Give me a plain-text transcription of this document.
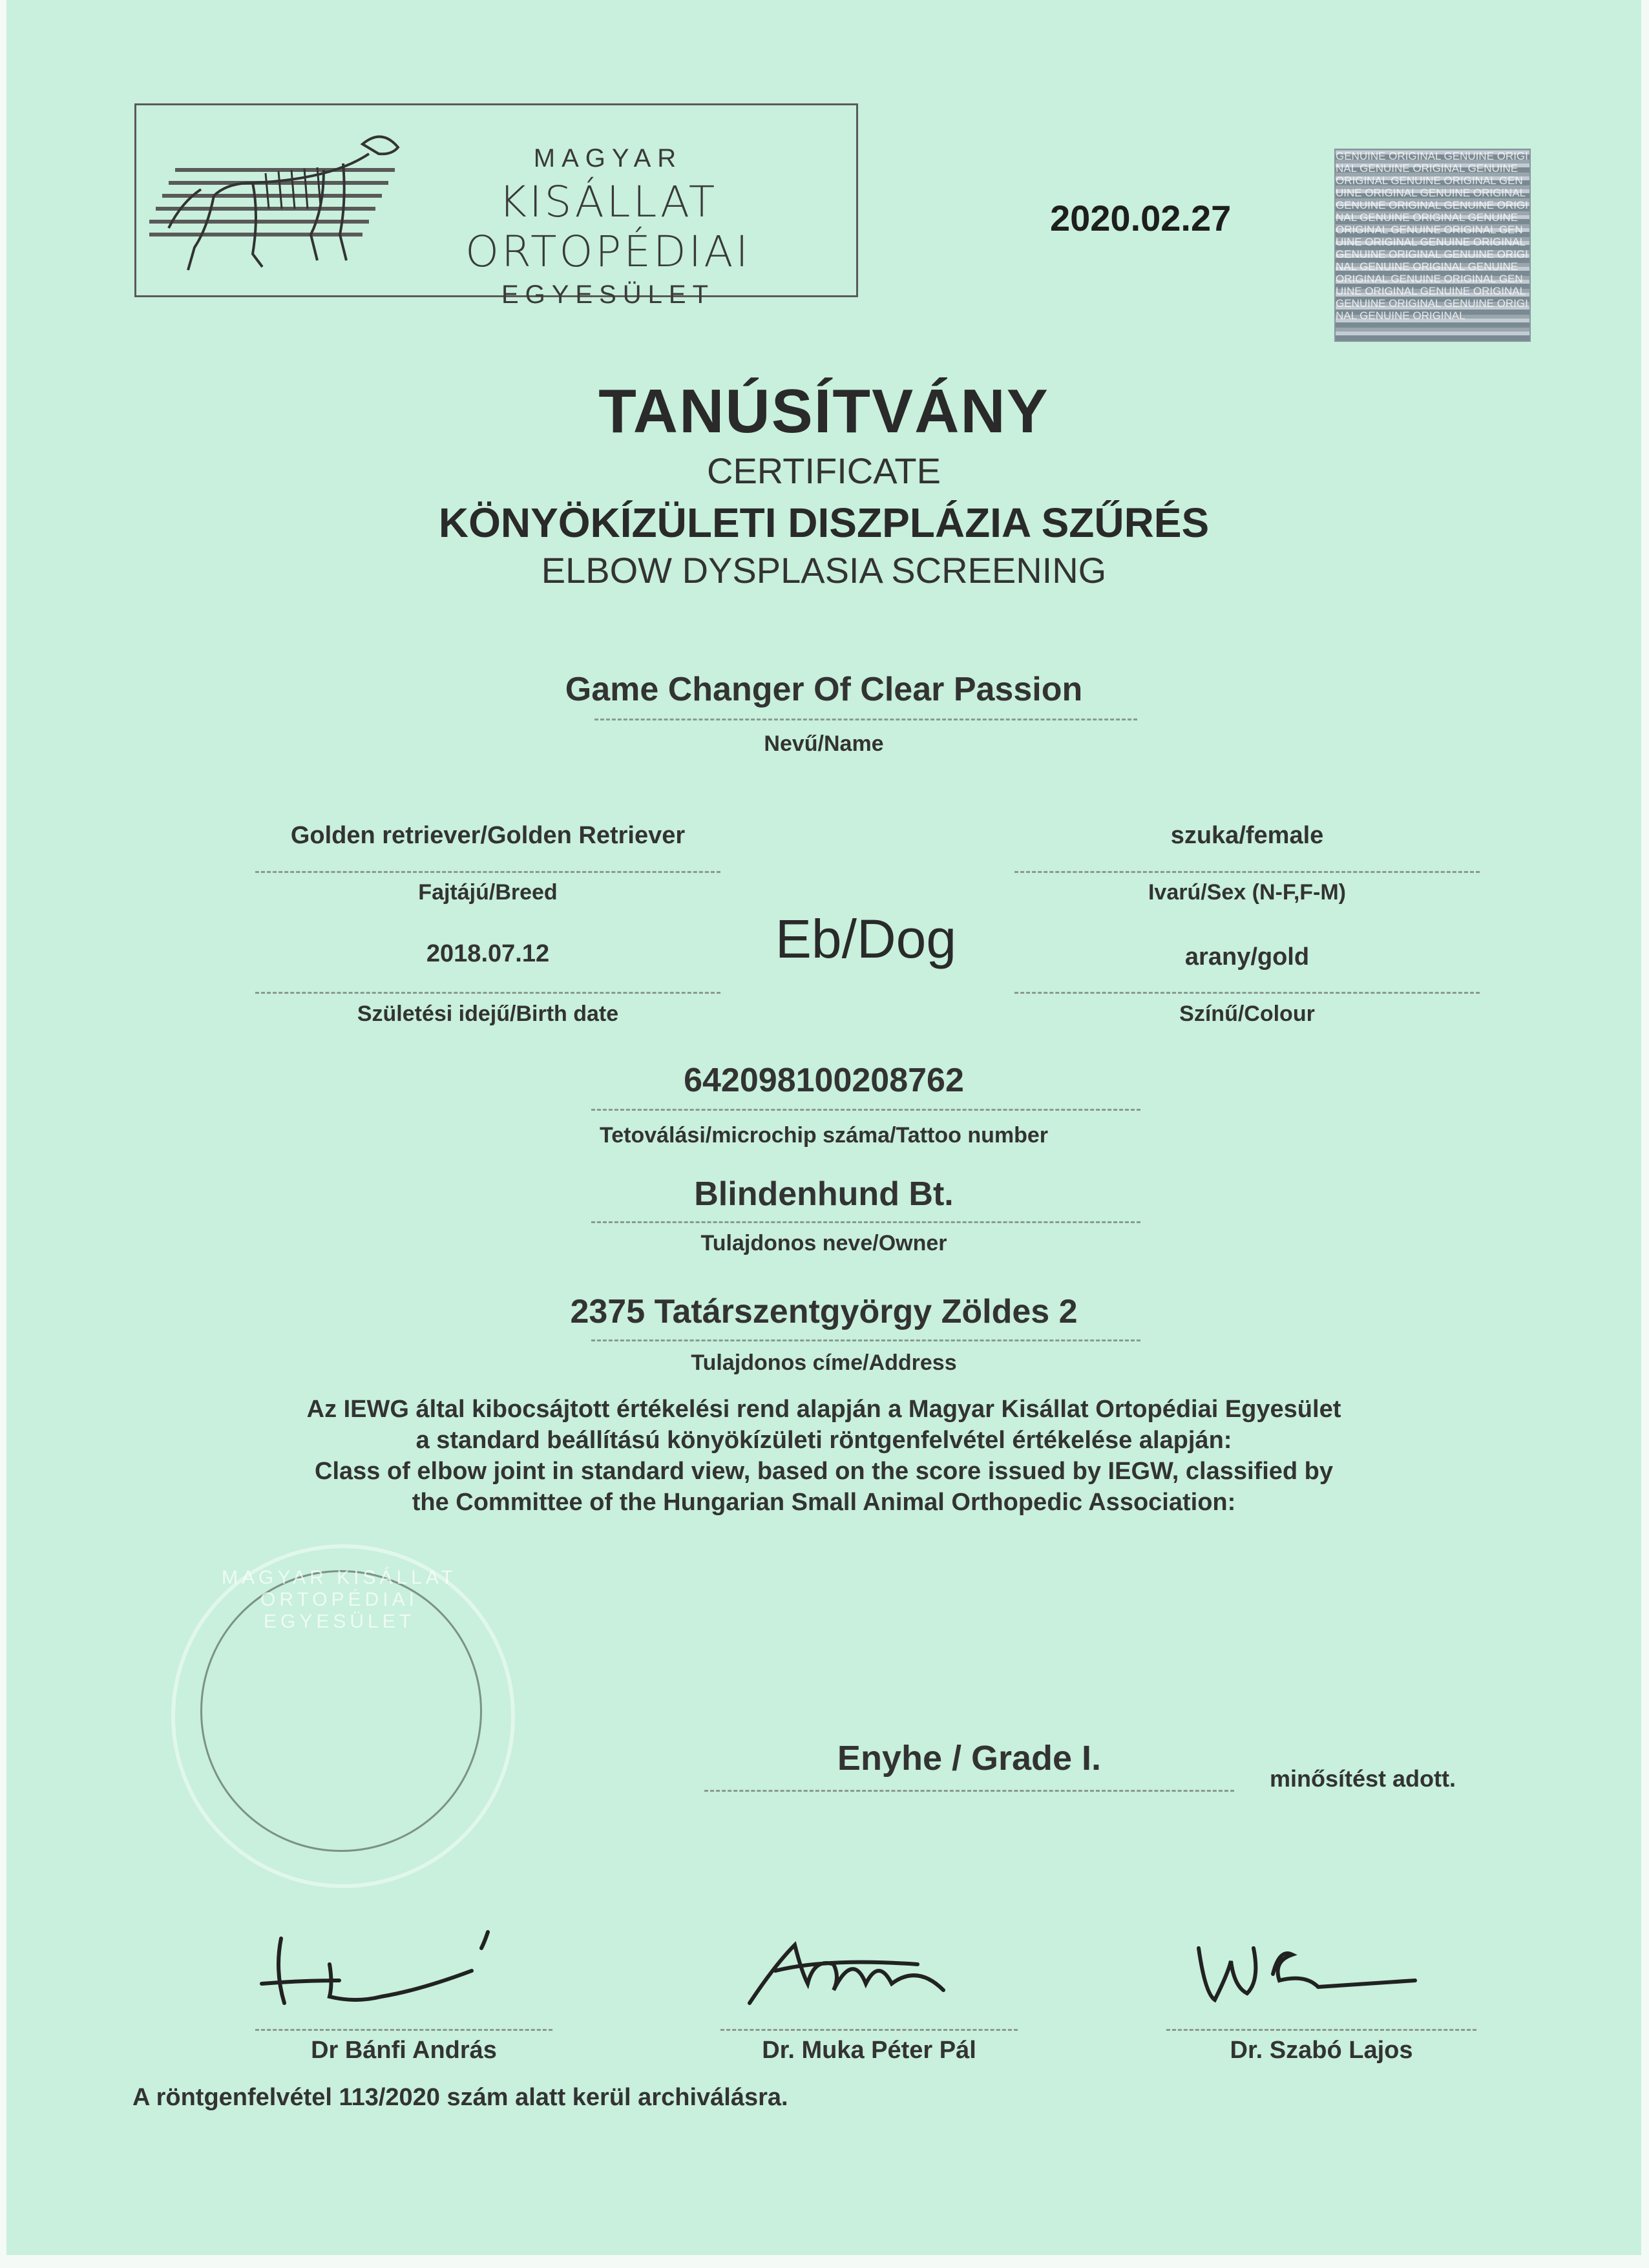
MAGYAR
KISÁLLAT ORTOPÉDIAI
EGYESÜLET
2020.02.27
GENUINE ORIGINAL GENUINE ORIGINAL GENUINE ORIGINAL GENUINE ORIGINAL GENUINE ORIGINAL GENUINE ORIGINAL GENUINE ORIGINAL GENUINE ORIGINAL GENUINE ORIGINAL GENUINE ORIGINAL GENUINE ORIGINAL GENUINE ORIGINAL GENUINE ORIGINAL GENUINE ORIGINAL GENUINE ORIGINAL GENUINE ORIGINAL GENUINE ORIGINAL GENUINE ORIGINAL GENUINE ORIGINAL GENUINE ORIGINAL GENUINE ORIGINAL GENUINE ORIGINAL GENUINE ORIGINAL GENUINE ORIGINAL
TANÚSÍTVÁNY
CERTIFICATE
KÖNYÖKÍZÜLETI DISZPLÁZIA SZŰRÉS
ELBOW DYSPLASIA SCREENING
Game Changer Of Clear Passion
Nevű/Name
Golden retriever/Golden Retriever
Fajtájú/Breed
szuka/female
Ivarú/Sex (N-F,F-M)
Eb/Dog
2018.07.12
Születési idejű/Birth date
arany/gold
Színű/Colour
642098100208762
Tetoválási/microchip száma/Tattoo number
Blindenhund Bt.
Tulajdonos neve/Owner
2375 Tatárszentgyörgy Zöldes 2
Tulajdonos címe/Address
Az IEWG által kibocsájtott értékelési rend alapján a Magyar Kisállat Ortopédiai Egyesület
a standard beállítású könyökízületi röntgenfelvétel értékelése alapján:
Class of elbow joint in standard view, based on the score issued by IEGW, classified by
the Committee of the Hungarian Small Animal Orthopedic Association:
MAGYAR KISÁLLAT ORTOPÉDIAI EGYESÜLET
Enyhe / Grade I.
minősítést adott.
Dr Bánfi András	Dr. Muka Péter Pál	Dr. Szabó Lajos
A röntgenfelvétel 113/2020 szám alatt kerül archiválásra.
